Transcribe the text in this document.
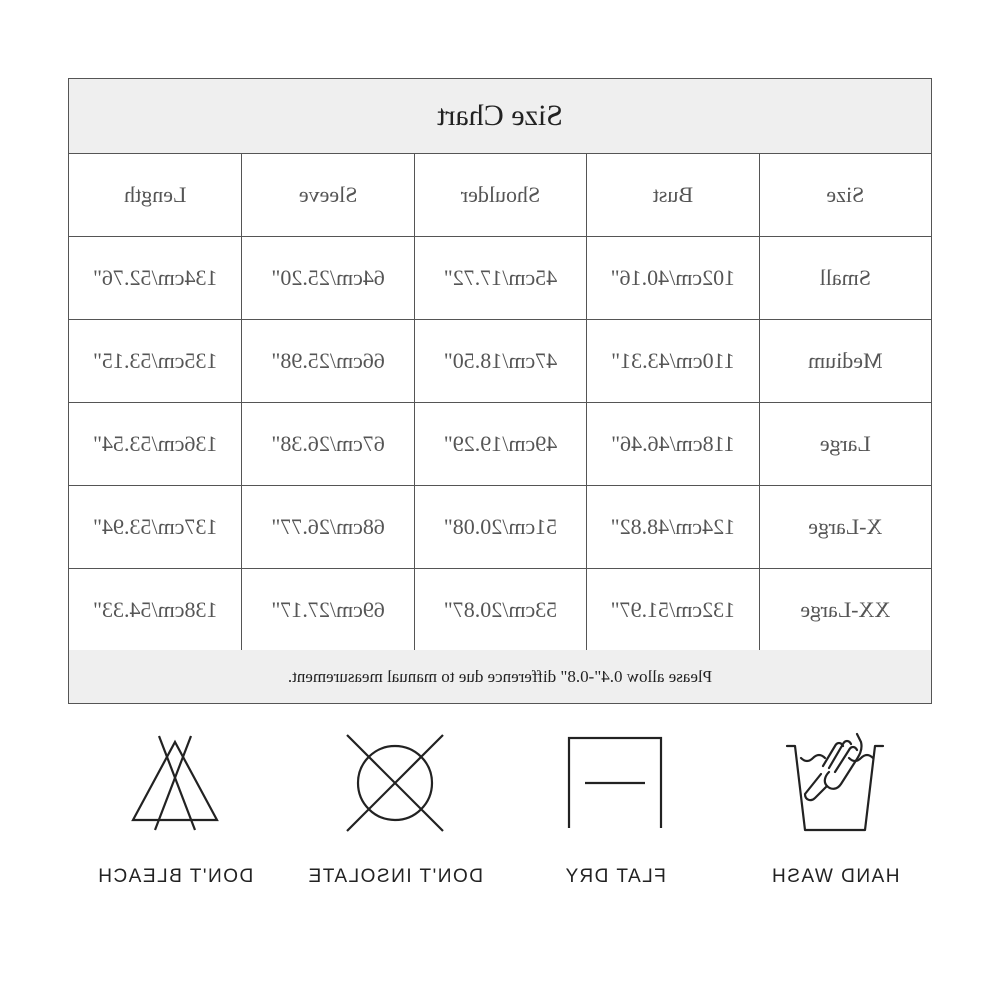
Size Chart
Size
Bust
Shoulder
Sleeve
Length
Small
102cm/40.16"
45cm/17.72"
64cm/25.20"
134cm/52.76"
Medium
110cm/43.31"
47cm/18.50"
66cm/25.98"
135cm/53.15"
Large
118cm/46.46"
49cm/19.29"
67cm/26.38"
136cm/53.54"
X-Large
124cm/48.82"
51cm/20.08"
68cm/26.77"
137cm/53.94"
XX-Large
132cm/51.97"
53cm/20.87"
69cm/27.17"
138cm/54.33"
Please allow 0.4"-0.8" difference due to manual measurement.
HAND WASH
FLAT DRY
DON'T INSOLATE
DON'T BLEACH
